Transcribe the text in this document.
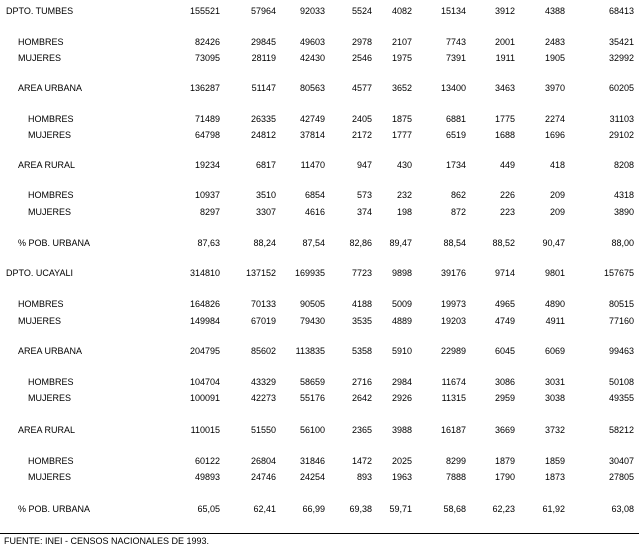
DPTO. TUMBES	155521	57964	92033	5524	4082	15134	3912	4388	68413
HOMBRES	82426	29845	49603	2978	2107	7743	2001	2483	35421
MUJERES	73095	28119	42430	2546	1975	7391	1911	1905	32992
AREA URBANA	136287	51147	80563	4577	3652	13400	3463	3970	60205
HOMBRES	71489	26335	42749	2405	1875	6881	1775	2274	31103
MUJERES	64798	24812	37814	2172	1777	6519	1688	1696	29102
AREA RURAL	19234	6817	11470	947	430	1734	449	418	8208
HOMBRES	10937	3510	6854	573	232	862	226	209	4318
MUJERES	8297	3307	4616	374	198	872	223	209	3890
% POB. URBANA	87,63	88,24	87,54	82,86	89,47	88,54	88,52	90,47	88,00
DPTO. UCAYALI	314810	137152	169935	7723	9898	39176	9714	9801	157675
HOMBRES	164826	70133	90505	4188	5009	19973	4965	4890	80515
MUJERES	149984	67019	79430	3535	4889	19203	4749	4911	77160
AREA URBANA	204795	85602	113835	5358	5910	22989	6045	6069	99463
HOMBRES	104704	43329	58659	2716	2984	11674	3086	3031	50108
MUJERES	100091	42273	55176	2642	2926	11315	2959	3038	49355
AREA RURAL	110015	51550	56100	2365	3988	16187	3669	3732	58212
HOMBRES	60122	26804	31846	1472	2025	8299	1879	1859	30407
MUJERES	49893	24746	24254	893	1963	7888	1790	1873	27805
% POB. URBANA	65,05	62,41	66,99	69,38	59,71	58,68	62,23	61,92	63,08
FUENTE: INEI - CENSOS NACIONALES DE 1993.
